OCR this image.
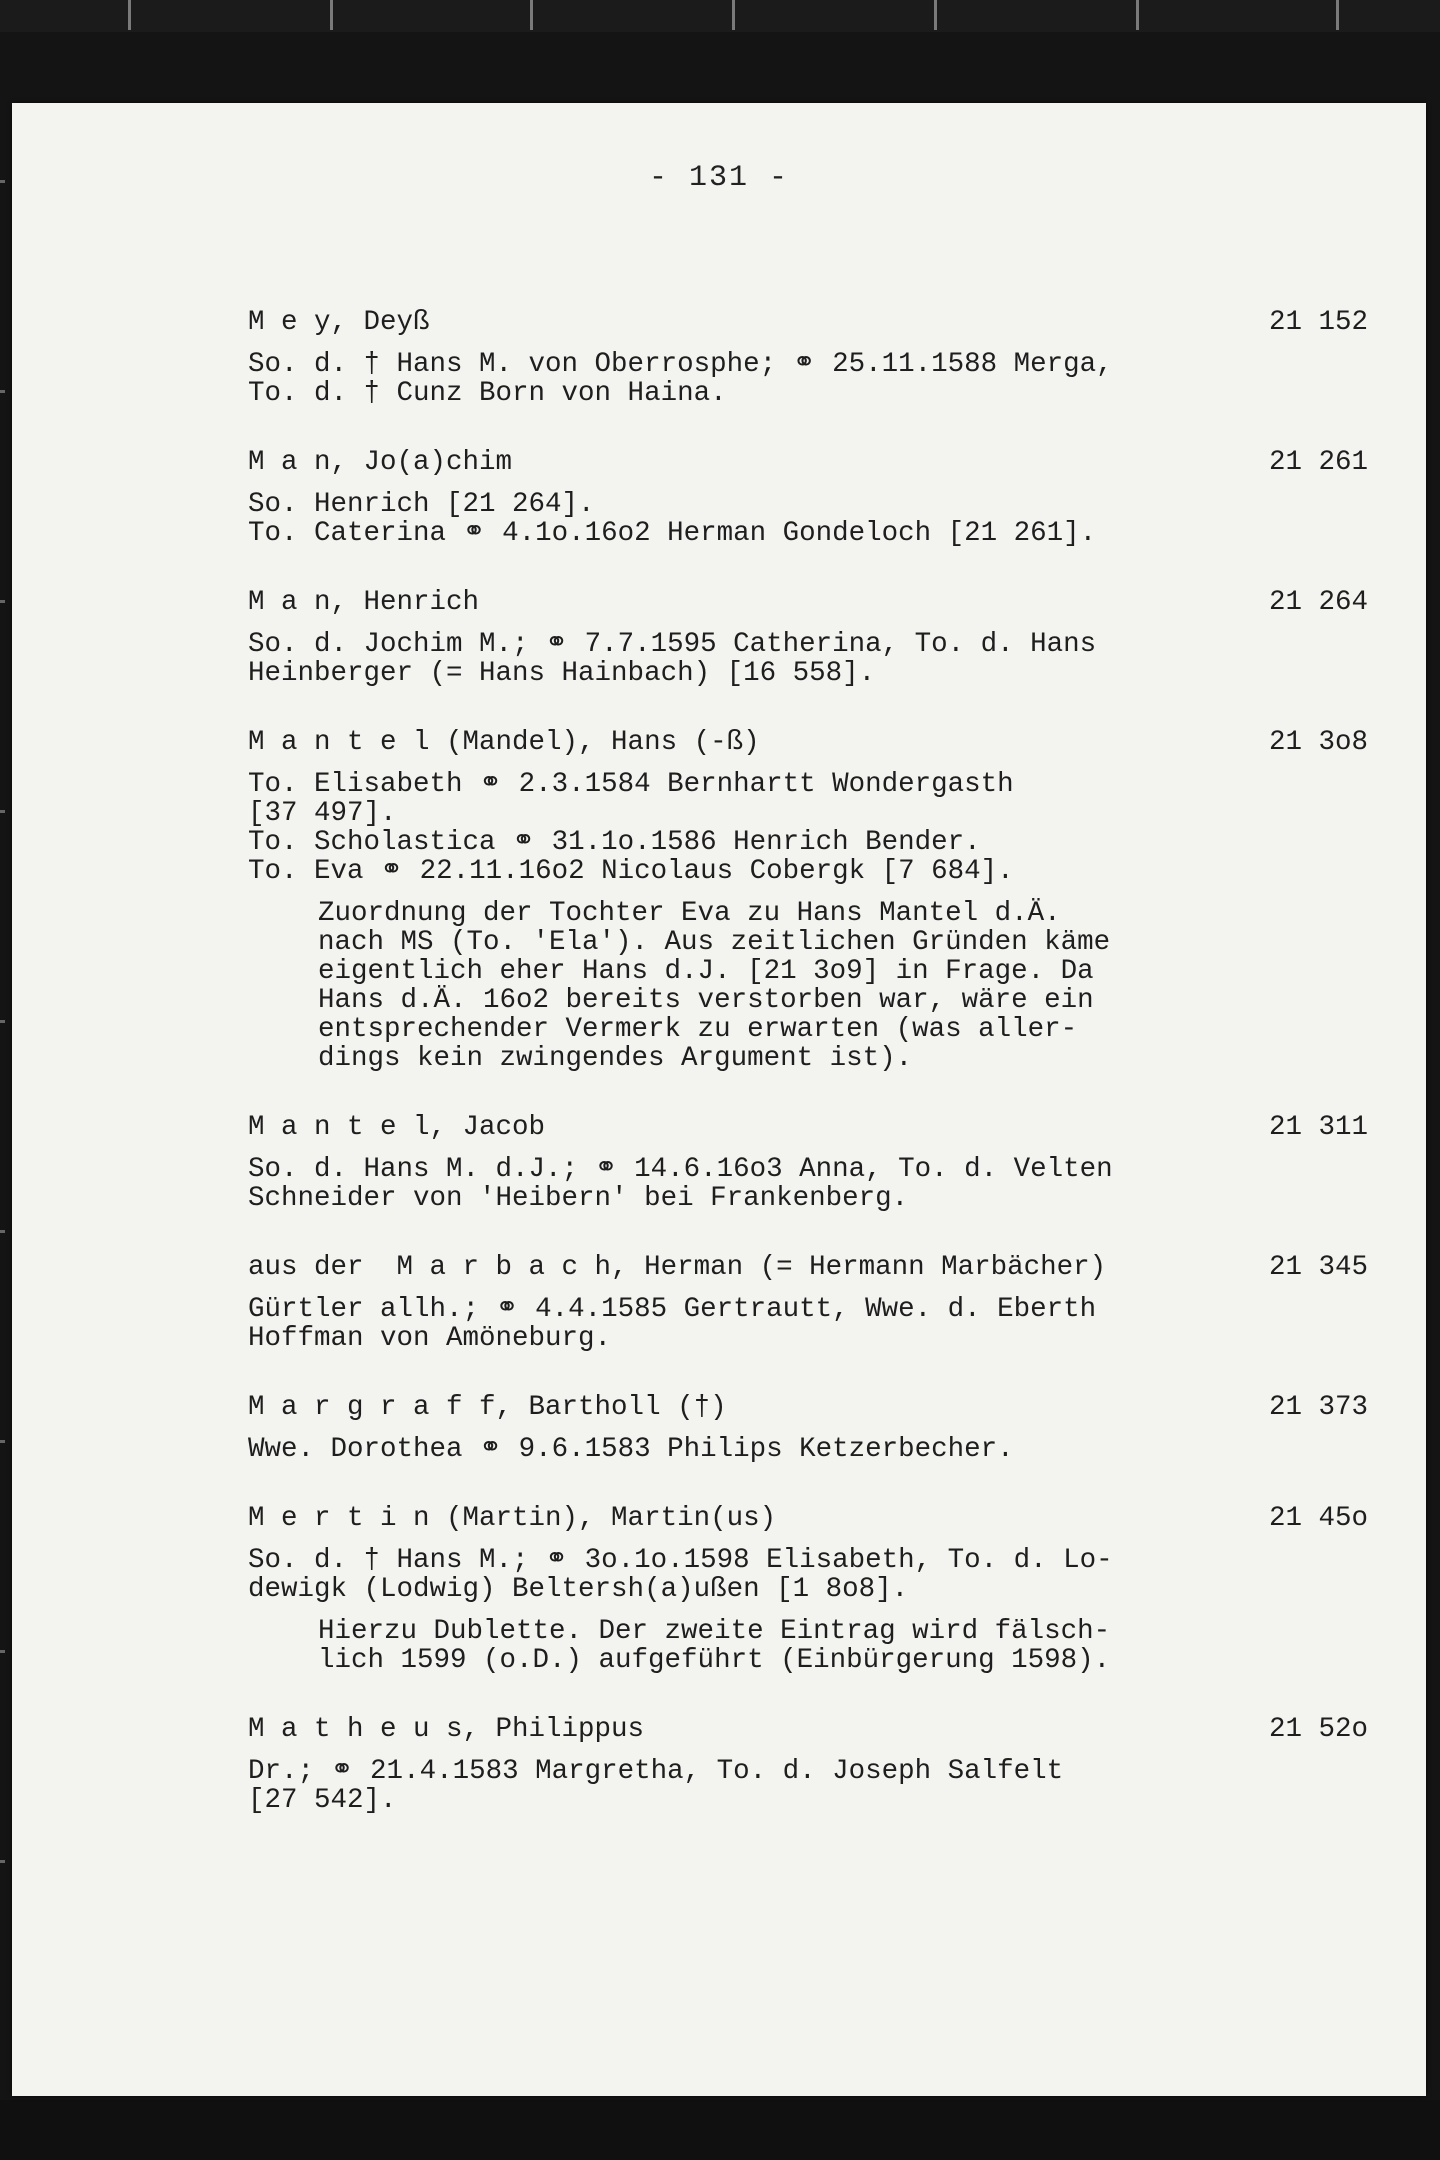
- 131 -
M e y, Deyß	21 152
So. d. † Hans M. von Oberrosphe; ⚭ 25.11.1588 Merga,
To. d. † Cunz Born von Haina.
M a n, Jo(a)chim	21 261
So. Henrich [21 264].
To. Caterina ⚭ 4.1o.16o2 Herman Gondeloch [21 261].
M a n, Henrich	21 264
So. d. Jochim M.; ⚭ 7.7.1595 Catherina, To. d. Hans
Heinberger (= Hans Hainbach) [16 558].
M a n t e l (Mandel), Hans (-ß)	21 3o8
To. Elisabeth ⚭ 2.3.1584 Bernhartt Wondergasth
[37 497].
To. Scholastica ⚭ 31.1o.1586 Henrich Bender.
To. Eva ⚭ 22.11.16o2 Nicolaus Cobergk [7 684].
Zuordnung der Tochter Eva zu Hans Mantel d.Ä.
nach MS (To. 'Ela'). Aus zeitlichen Gründen käme
eigentlich eher Hans d.J. [21 3o9] in Frage. Da
Hans d.Ä. 16o2 bereits verstorben war, wäre ein
entsprechender Vermerk zu erwarten (was aller-
dings kein zwingendes Argument ist).
M a n t e l, Jacob	21 311
So. d. Hans M. d.J.; ⚭ 14.6.16o3 Anna, To. d. Velten
Schneider von 'Heibern' bei Frankenberg.
aus der  M a r b a c h, Herman (= Hermann Marbächer)	21 345
Gürtler allh.; ⚭ 4.4.1585 Gertrautt, Wwe. d. Eberth
Hoffman von Amöneburg.
M a r g r a f f, Bartholl (†)	21 373
Wwe. Dorothea ⚭ 9.6.1583 Philips Ketzerbecher.
M e r t i n (Martin), Martin(us)	21 45o
So. d. † Hans M.; ⚭ 3o.1o.1598 Elisabeth, To. d. Lo-
dewigk (Lodwig) Beltersh(a)ußen [1 8o8].
Hierzu Dublette. Der zweite Eintrag wird fälsch-
lich 1599 (o.D.) aufgeführt (Einbürgerung 1598).
M a t h e u s, Philippus	21 52o
Dr.; ⚭ 21.4.1583 Margretha, To. d. Joseph Salfelt
[27 542].
